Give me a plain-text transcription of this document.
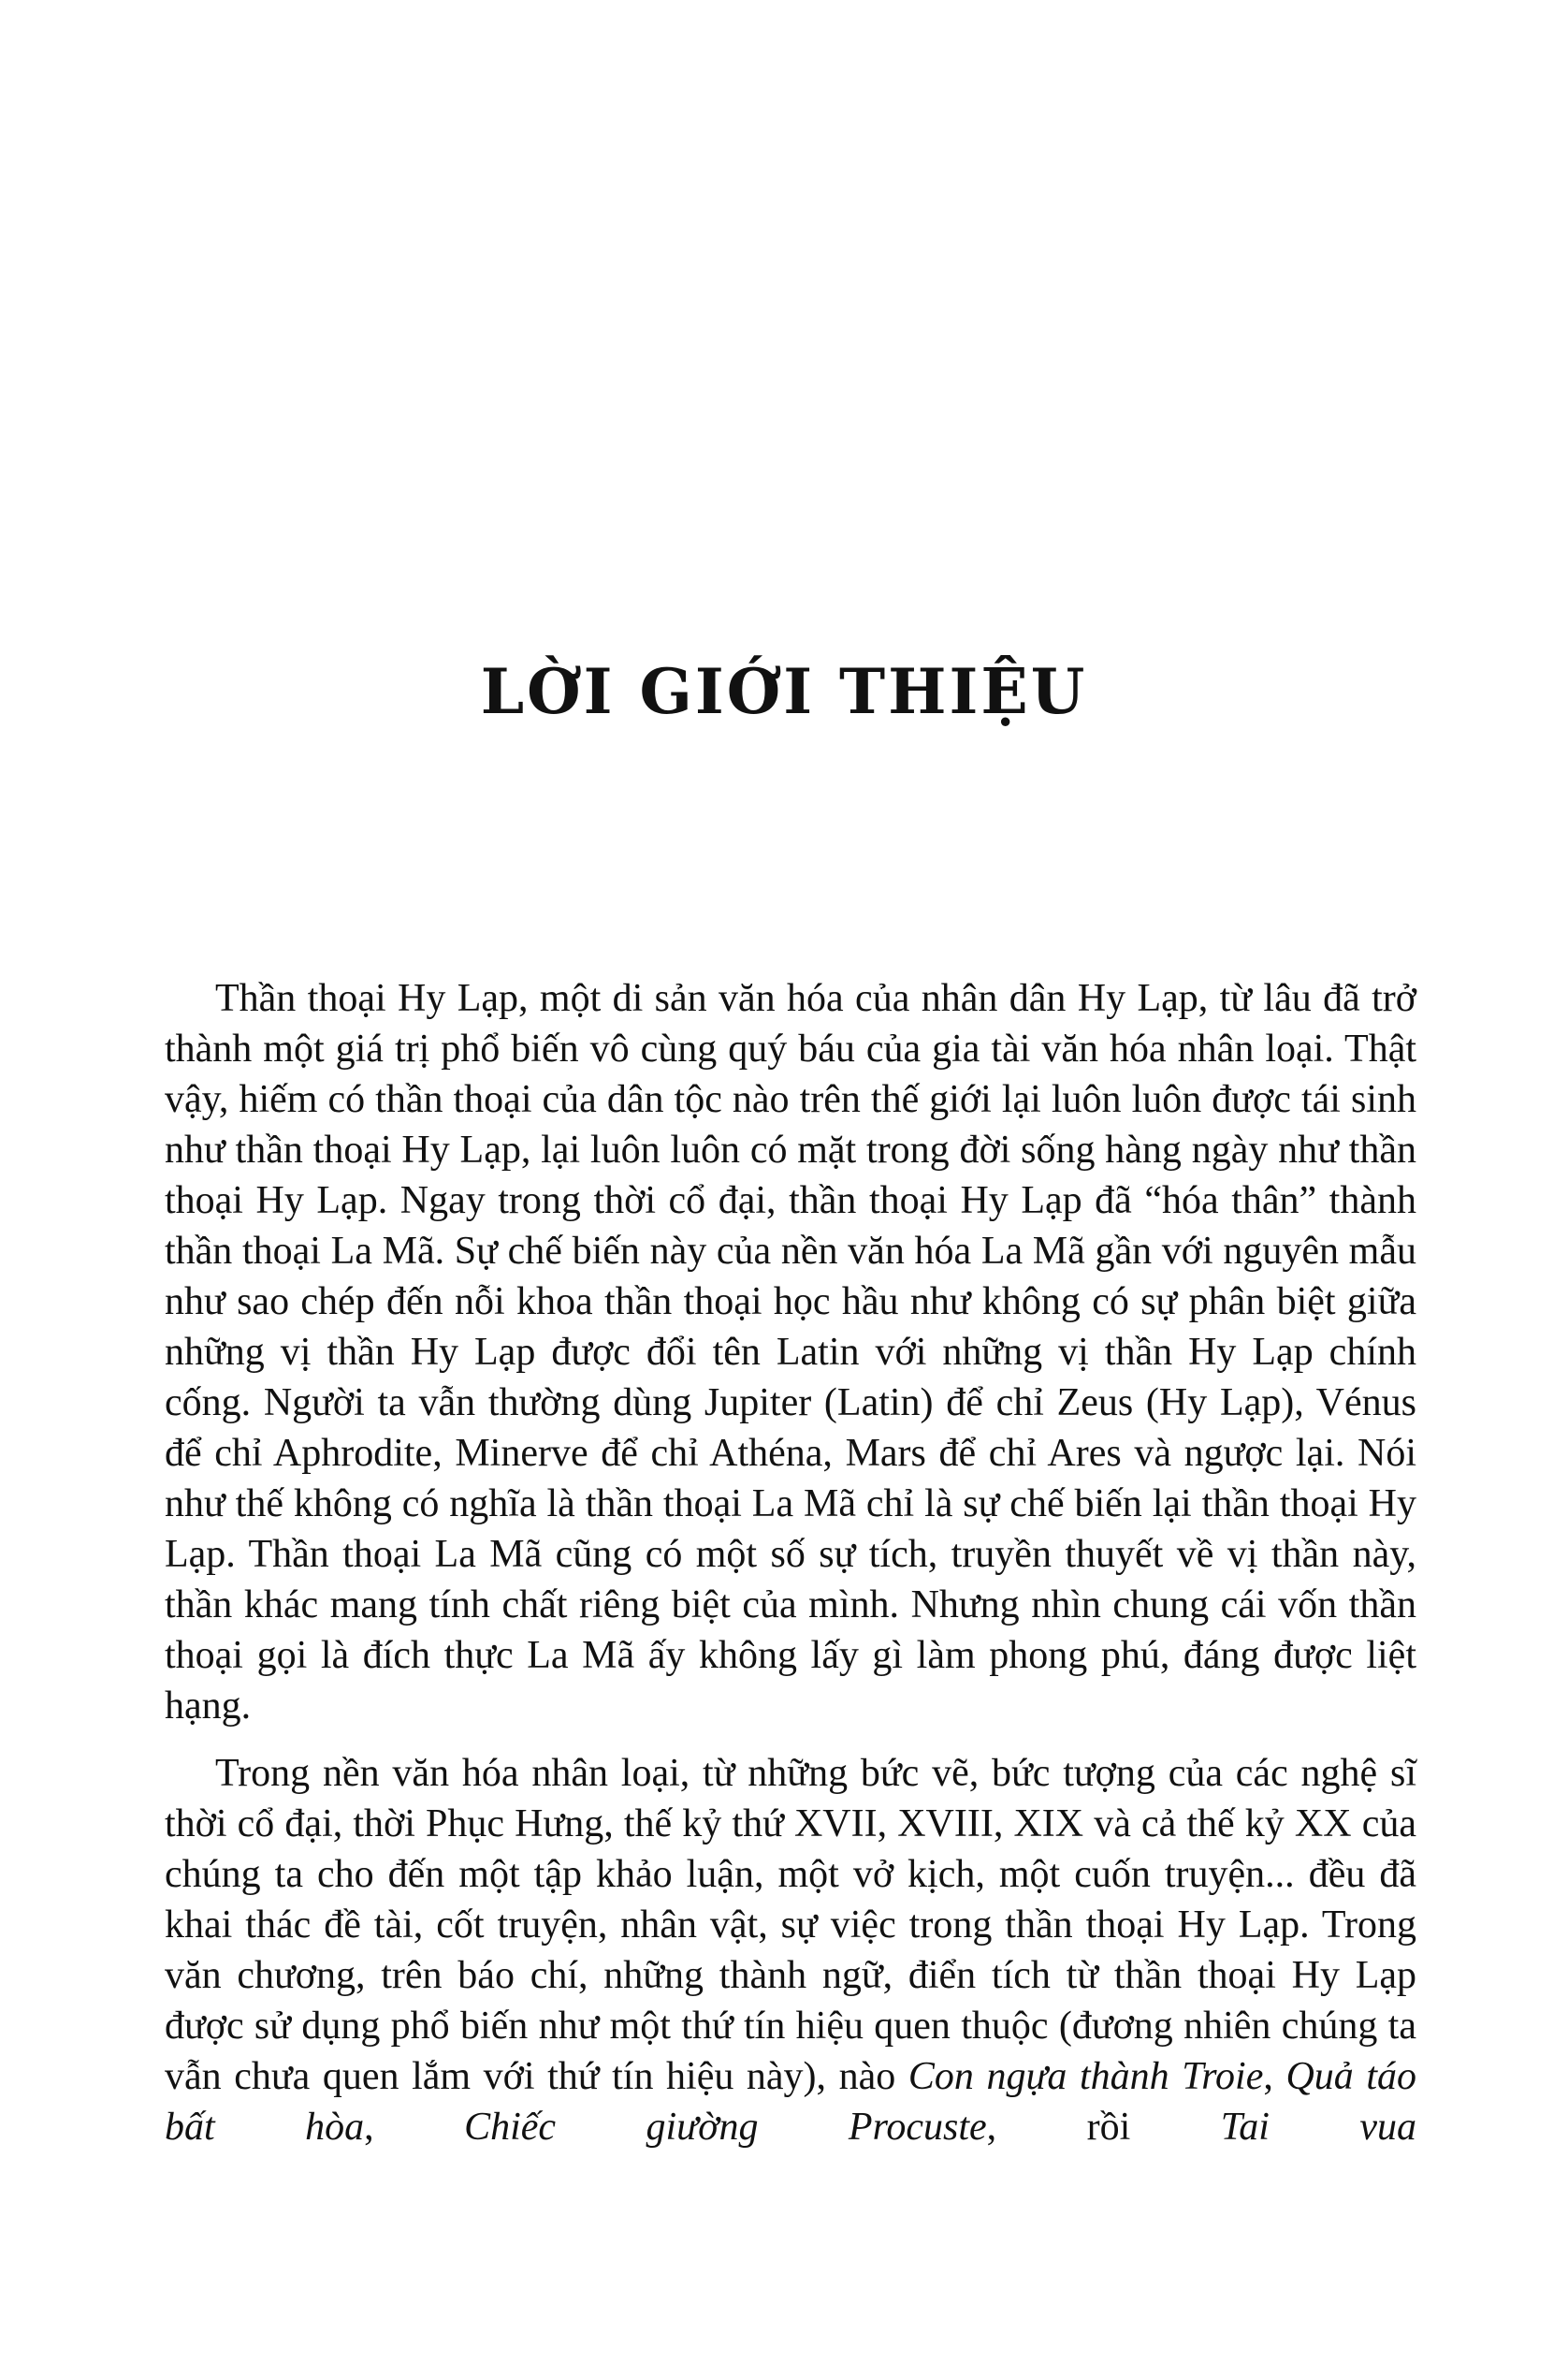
LỜI GIỚI THIỆU

Thần thoại Hy Lạp, một di sản văn hóa của nhân dân Hy Lạp, từ lâu đã trở thành một giá trị phổ biến vô cùng quý báu của gia tài văn hóa nhân loại. Thật vậy, hiếm có thần thoại của dân tộc nào trên thế giới lại luôn luôn được tái sinh như thần thoại Hy Lạp, lại luôn luôn có mặt trong đời sống hàng ngày như thần thoại Hy Lạp. Ngay trong thời cổ đại, thần thoại Hy Lạp đã “hóa thân” thành thần thoại La Mã. Sự chế biến này của nền văn hóa La Mã gần với nguyên mẫu như sao chép đến nỗi khoa thần thoại học hầu như không có sự phân biệt giữa những vị thần Hy Lạp được đổi tên Latin với những vị thần Hy Lạp chính cống. Người ta vẫn thường dùng Jupiter (Latin) để chỉ Zeus (Hy Lạp), Vénus để chỉ Aphrodite, Minerve để chỉ Athéna, Mars để chỉ Ares và ngược lại. Nói như thế không có nghĩa là thần thoại La Mã chỉ là sự chế biến lại thần thoại Hy Lạp. Thần thoại La Mã cũng có một số sự tích, truyền thuyết về vị thần này, thần khác mang tính chất riêng biệt của mình. Nhưng nhìn chung cái vốn thần thoại gọi là đích thực La Mã ấy không lấy gì làm phong phú, đáng được liệt hạng.

Trong nền văn hóa nhân loại, từ những bức vẽ, bức tượng của các nghệ sĩ thời cổ đại, thời Phục Hưng, thế kỷ thứ XVII, XVIII, XIX và cả thế kỷ XX của chúng ta cho đến một tập khảo luận, một vở kịch, một cuốn truyện... đều đã khai thác đề tài, cốt truyện, nhân vật, sự việc trong thần thoại Hy Lạp. Trong văn chương, trên báo chí, những thành ngữ, điển tích từ thần thoại Hy Lạp được sử dụng phổ biến như một thứ tín hiệu quen thuộc (đương nhiên chúng ta vẫn chưa quen lắm với thứ tín hiệu này), nào Con ngựa thành Troie, Quả táo bất hòa, Chiếc giường Procuste, rồi Tai vua
